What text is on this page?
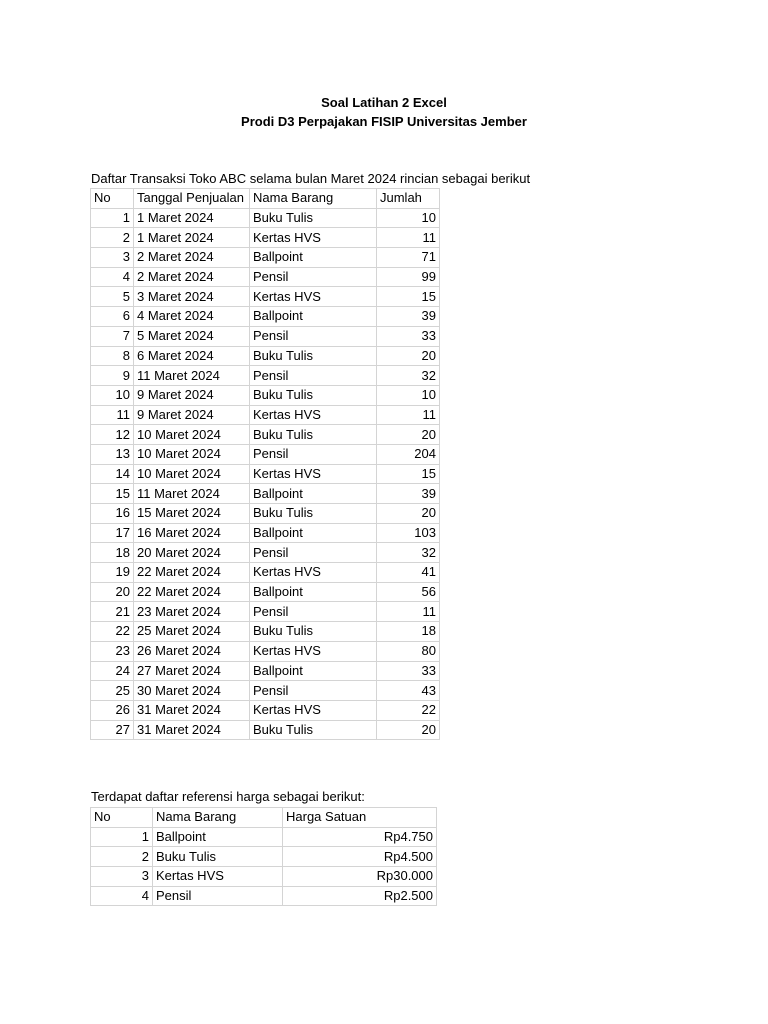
Soal Latihan 2 Excel
Prodi D3 Perpajakan FISIP Universitas Jember
Daftar Transaksi Toko ABC selama bulan Maret 2024 rincian sebagai berikut
No	Tanggal Penjualan	Nama Barang	Jumlah
1	1 Maret 2024	Buku Tulis	10
2	1 Maret 2024	Kertas HVS	11
3	2 Maret 2024	Ballpoint	71
4	2 Maret 2024	Pensil	99
5	3 Maret 2024	Kertas HVS	15
6	4 Maret 2024	Ballpoint	39
7	5 Maret 2024	Pensil	33
8	6 Maret 2024	Buku Tulis	20
9	11 Maret 2024	Pensil	32
10	9 Maret 2024	Buku Tulis	10
11	9 Maret 2024	Kertas HVS	11
12	10 Maret 2024	Buku Tulis	20
13	10 Maret 2024	Pensil	204
14	10 Maret 2024	Kertas HVS	15
15	11 Maret 2024	Ballpoint	39
16	15 Maret 2024	Buku Tulis	20
17	16 Maret 2024	Ballpoint	103
18	20 Maret 2024	Pensil	32
19	22 Maret 2024	Kertas HVS	41
20	22 Maret 2024	Ballpoint	56
21	23 Maret 2024	Pensil	11
22	25 Maret 2024	Buku Tulis	18
23	26 Maret 2024	Kertas HVS	80
24	27 Maret 2024	Ballpoint	33
25	30 Maret 2024	Pensil	43
26	31 Maret 2024	Kertas HVS	22
27	31 Maret 2024	Buku Tulis	20
Terdapat daftar referensi harga sebagai berikut:
No	Nama Barang	Harga Satuan
1	Ballpoint	Rp4.750
2	Buku Tulis	Rp4.500
3	Kertas HVS	Rp30.000
4	Pensil	Rp2.500
